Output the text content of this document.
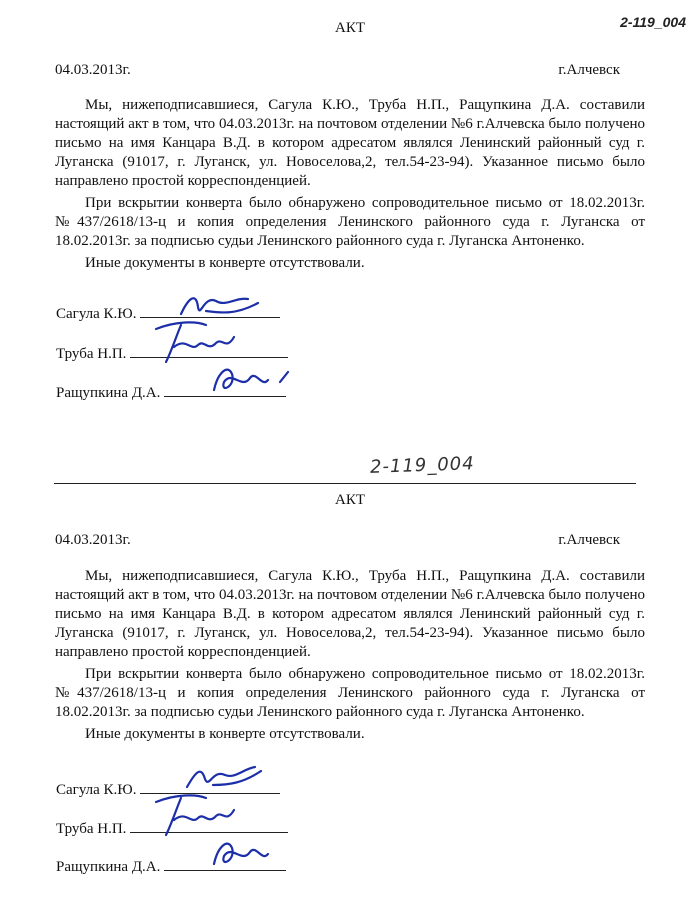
2-119_004
АКТ
04.03.2013г.	г.Алчевск

Мы, нижеподписавшиеся, Сагула К.Ю., Труба Н.П., Ращупкина Д.А. составили настоящий акт в том, что 04.03.2013г. на почтовом отделении №6 г.Алчевска было получено письмо на имя Канцара В.Д. в котором адресатом являлся Ленинский районный суд г. Луганска (91017, г. Луганск, ул. Новоселова,2, тел.54-23-94). Указанное письмо было направлено простой корреспонденцией.

При вскрытии конверта было обнаружено сопроводительное письмо от 18.02.2013г. №437/2618/13-ц и копия определения Ленинского районного суда г. Луганска от 18.02.2013г. за подписью судьи Ленинского районного суда г. Луганска Антоненко.

Иные документы в конверте отсутствовали.

Сагула К.Ю.
Труба Н.П.
Ращупкина Д.А.
2-119_004
АКТ
04.03.2013г.	г.Алчевск

Мы, нижеподписавшиеся, Сагула К.Ю., Труба Н.П., Ращупкина Д.А. составили настоящий акт в том, что 04.03.2013г. на почтовом отделении №6 г.Алчевска было получено письмо на имя Канцара В.Д. в котором адресатом являлся Ленинский районный суд г. Луганска (91017, г. Луганск, ул. Новоселова,2, тел.54-23-94). Указанное письмо было направлено простой корреспонденцией.

При вскрытии конверта было обнаружено сопроводительное письмо от 18.02.2013г. №437/2618/13-ц и копия определения Ленинского районного суда г. Луганска от 18.02.2013г. за подписью судьи Ленинского районного суда г. Луганска Антоненко.

Иные документы в конверте отсутствовали.

Сагула К.Ю.
Труба Н.П.
Ращупкина Д.А.
